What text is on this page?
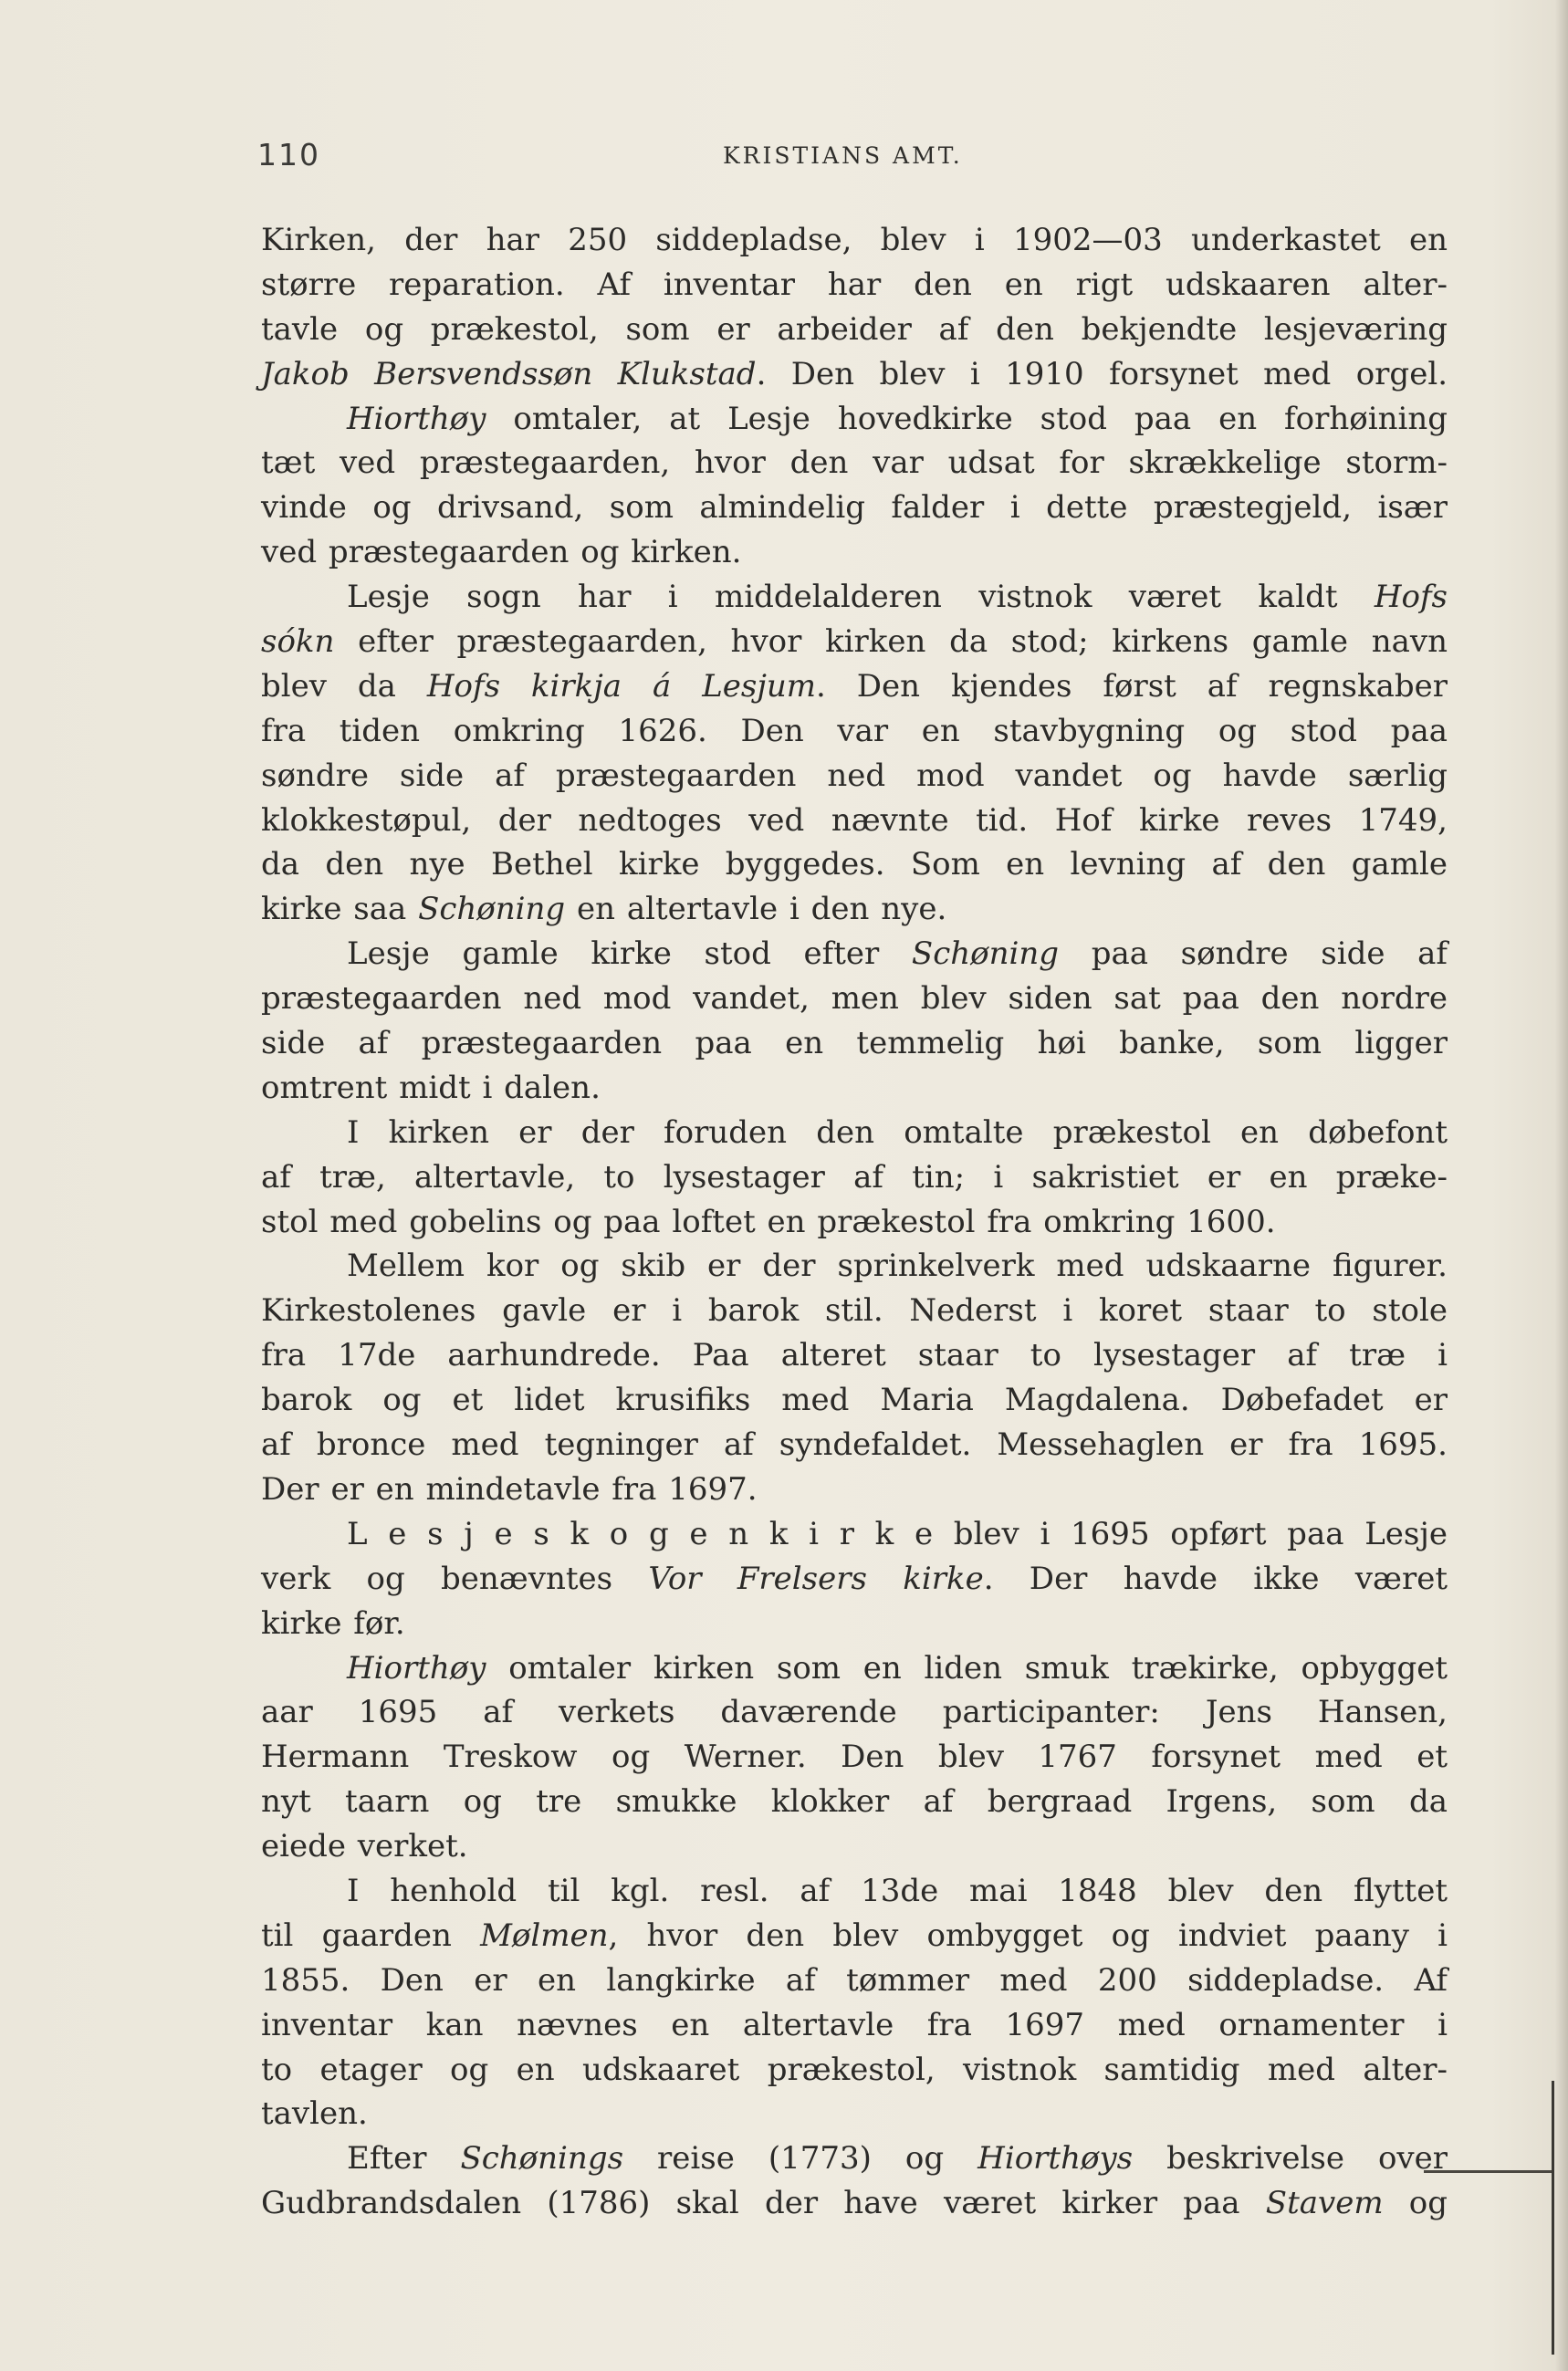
110	KRISTIANS AMT.
Kirken, der har 250 siddepladse, blev i 1902—03 underkastet en
større reparation. Af inventar har den en rigt udskaaren alter-
tavle og prækestol, som er arbeider af den bekjendte lesjeværing
Jakob Bersvendssøn Klukstad. Den blev i 1910 forsynet med orgel.
Hiorthøy omtaler, at Lesje hovedkirke stod paa en forhøining
tæt ved præstegaarden, hvor den var udsat for skrækkelige storm-
vinde og drivsand, som almindelig falder i dette præstegjeld, især
ved præstegaarden og kirken.
Lesje sogn har i middelalderen vistnok været kaldt Hofs
sókn efter præstegaarden, hvor kirken da stod; kirkens gamle navn
blev da Hofs kirkja á Lesjum. Den kjendes først af regnskaber
fra tiden omkring 1626. Den var en stavbygning og stod paa
søndre side af præstegaarden ned mod vandet og havde særlig
klokkestøpul, der nedtoges ved nævnte tid. Hof kirke reves 1749,
da den nye Bethel kirke byggedes. Som en levning af den gamle
kirke saa Schøning en altertavle i den nye.
Lesje gamle kirke stod efter Schøning paa søndre side af
præstegaarden ned mod vandet, men blev siden sat paa den nordre
side af præstegaarden paa en temmelig høi banke, som ligger
omtrent midt i dalen.
I kirken er der foruden den omtalte prækestol en døbefont
af træ, altertavle, to lysestager af tin; i sakristiet er en præke-
stol med gobelins og paa loftet en prækestol fra omkring 1600.
Mellem kor og skib er der sprinkelverk med udskaarne figurer.
Kirkestolenes gavle er i barok stil. Nederst i koret staar to stole
fra 17de aarhundrede. Paa alteret staar to lysestager af træ i
barok og et lidet krusifiks med Maria Magdalena. Døbefadet er
af bronce med tegninger af syndefaldet. Messehaglen er fra 1695.
Der er en mindetavle fra 1697.
L e s j e s k o g e n k i r k e blev i 1695 opført paa Lesje
verk og benævntes Vor Frelsers kirke. Der havde ikke været
kirke før.
Hiorthøy omtaler kirken som en liden smuk trækirke, opbygget
aar 1695 af verkets daværende participanter: Jens Hansen,
Hermann Treskow og Werner. Den blev 1767 forsynet med et
nyt taarn og tre smukke klokker af bergraad Irgens, som da
eiede verket.
I henhold til kgl. resl. af 13de mai 1848 blev den flyttet
til gaarden Mølmen, hvor den blev ombygget og indviet paany i
1855. Den er en langkirke af tømmer med 200 siddepladse. Af
inventar kan nævnes en altertavle fra 1697 med ornamenter i
to etager og en udskaaret prækestol, vistnok samtidig med alter-
tavlen.
Efter Schønings reise (1773) og Hiorthøys beskrivelse over
Gudbrandsdalen (1786) skal der have været kirker paa Stavem og
